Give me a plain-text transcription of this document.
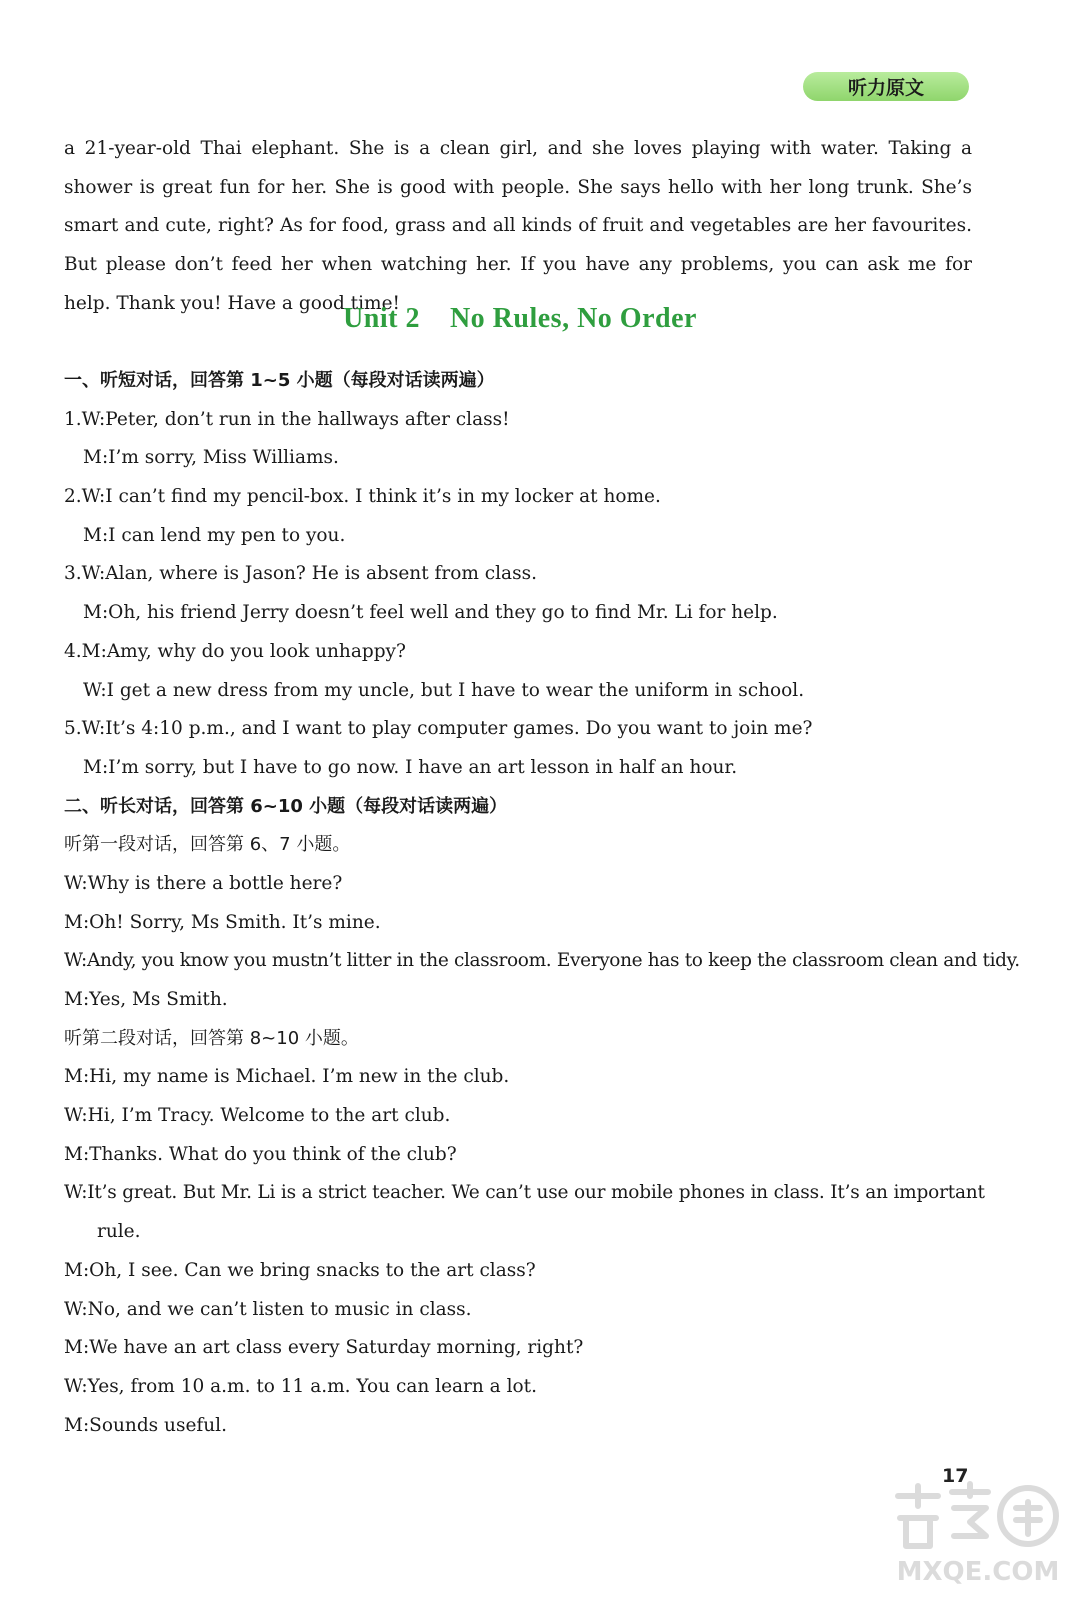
听力原文
a 21-year-old Thai elephant. She is a clean girl, and she loves playing with water. Taking a shower is great fun for her. She is good with people. She says hello with her long trunk. She’s smart and cute, right? As for food, grass and all kinds of fruit and vegetables are her favourites. But please don’t feed her when watching her. If you have any problems, you can ask me for help. Thank you! Have a good time!
Unit 2    No Rules, No Order
一、听短对话，回答第 1~5 小题（每段对话读两遍）
1.W:Peter, don’t run in the hallways after class!
M:I’m sorry, Miss Williams.
2.W:I can’t find my pencil-box. I think it’s in my locker at home.
M:I can lend my pen to you.
3.W:Alan, where is Jason? He is absent from class.
M:Oh, his friend Jerry doesn’t feel well and they go to find Mr. Li for help.
4.M:Amy, why do you look unhappy?
W:I get a new dress from my uncle, but I have to wear the uniform in school.
5.W:It’s 4:10 p.m., and I want to play computer games. Do you want to join me?
M:I’m sorry, but I have to go now. I have an art lesson in half an hour.
二、听长对话，回答第 6~10 小题（每段对话读两遍）
听第一段对话，回答第 6、7 小题。
W:Why is there a bottle here?
M:Oh! Sorry, Ms Smith. It’s mine.
W:Andy, you know you mustn’t litter in the classroom. Everyone has to keep the classroom clean and tidy.
M:Yes, Ms Smith.
听第二段对话，回答第 8~10 小题。
M:Hi, my name is Michael. I’m new in the club.
W:Hi, I’m Tracy. Welcome to the art club.
M:Thanks. What do you think of the club?
W:It’s great. But Mr. Li is a strict teacher. We can’t use our mobile phones in class. It’s an important
rule.
M:Oh, I see. Can we bring snacks to the art class?
W:No, and we can’t listen to music in class.
M:We have an art class every Saturday morning, right?
W:Yes, from 10 a.m. to 11 a.m. You can learn a lot.
M:Sounds useful.
17
MXQE.COM
